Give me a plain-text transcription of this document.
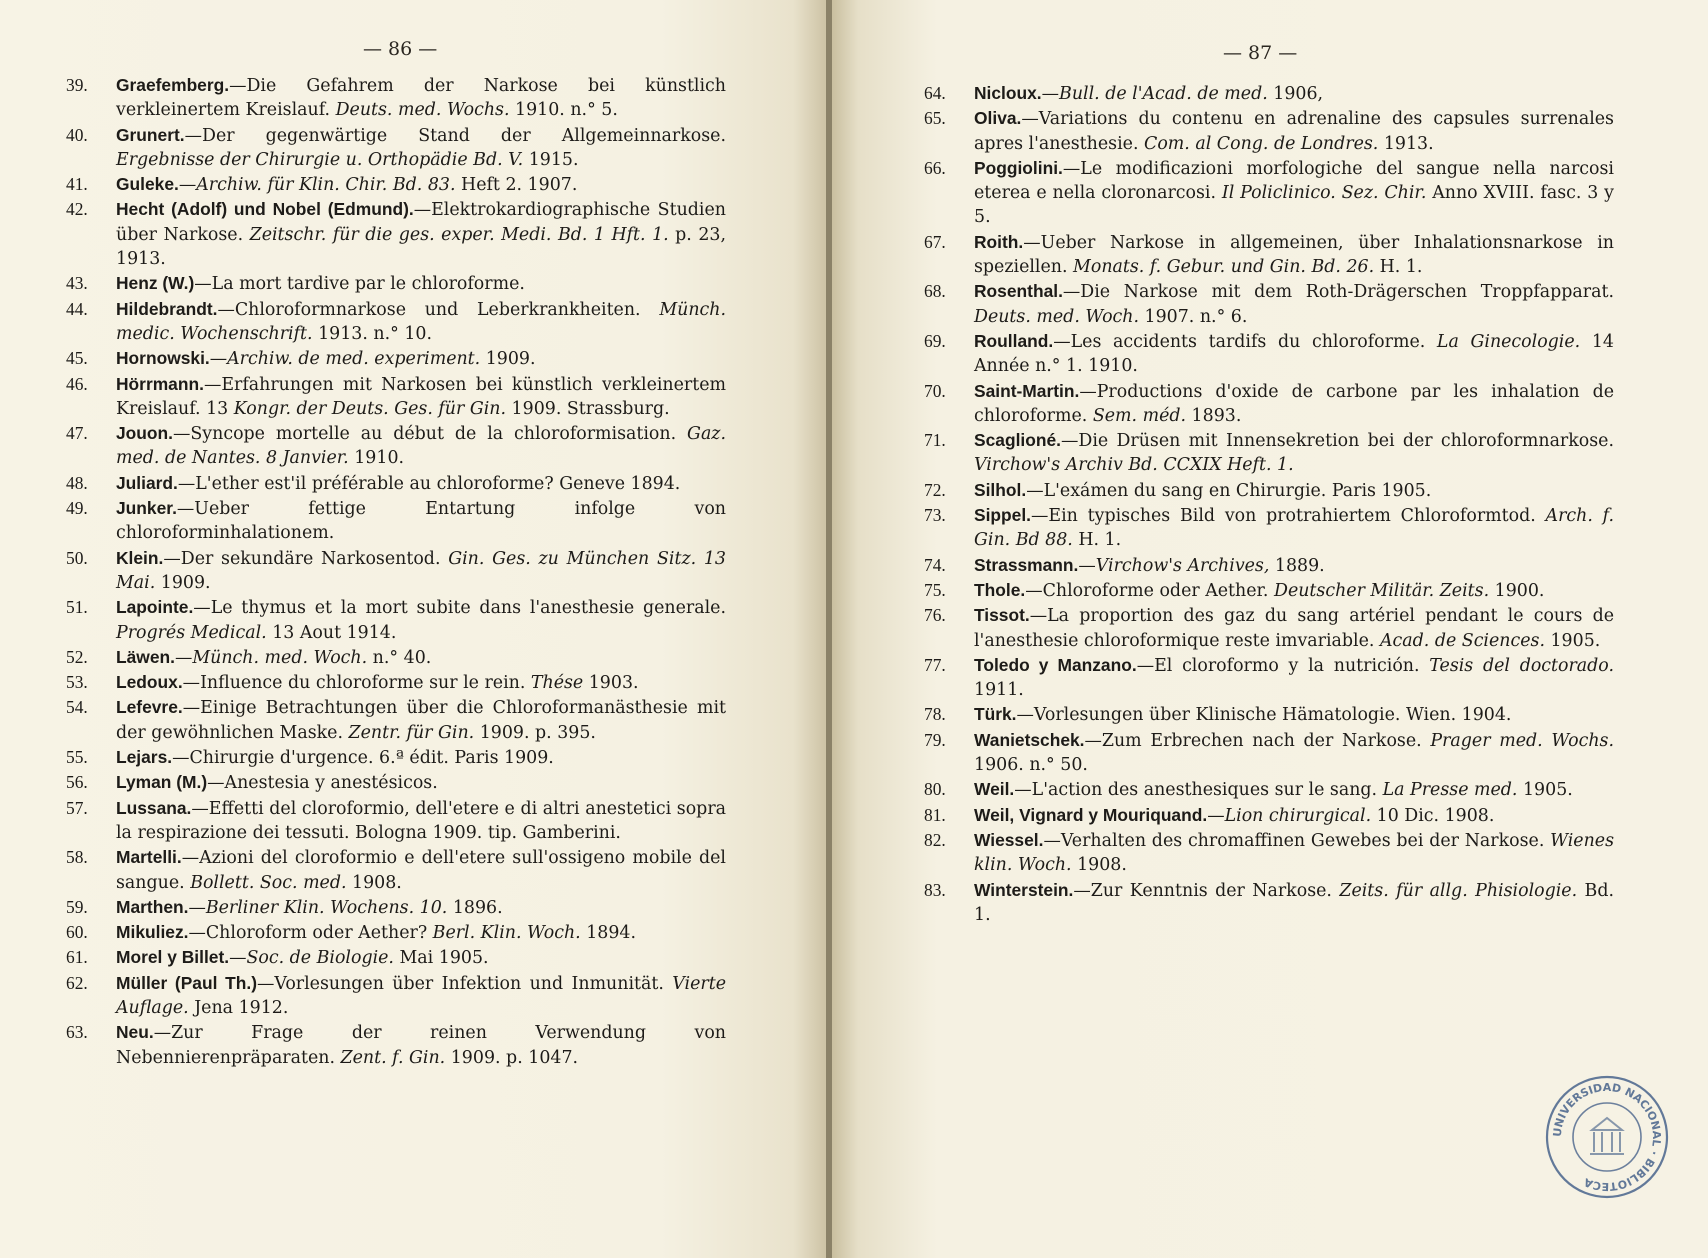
— 86 —
39. Graefemberg.—Die Gefahrem der Narkose bei künstlich verkleinertem Kreislauf. Deuts. med. Wochs. 1910. n.° 5.
40. Grunert.—Der gegenwärtige Stand der Allgemeinnarkose. Ergebnisse der Chirurgie u. Orthopädie Bd. V. 1915.
41. Guleke.—Archiw. für Klin. Chir. Bd. 83. Heft 2. 1907.
42. Hecht (Adolf) und Nobel (Edmund).—Elektrokardiographische Studien über Narkose. Zeitschr. für die ges. exper. Medi. Bd. 1 Hft. 1. p. 23, 1913.
43. Henz (W.)—La mort tardive par le chloroforme.
44. Hildebrandt.—Chloroformnarkose und Leberkrankheiten. Münch. medic. Wochenschrift. 1913. n.° 10.
45. Hornowski.—Archiw. de med. experiment. 1909.
46. Hörrmann.—Erfahrungen mit Narkosen bei künstlich verkleinertem Kreislauf. 13 Kongr. der Deuts. Ges. für Gin. 1909. Strassburg.
47. Jouon.—Syncope mortelle au début de la chloroformisation. Gaz. med. de Nantes. 8 Janvier. 1910.
48. Juliard.—L'ether est'il préférable au chloroforme? Geneve 1894.
49. Junker.—Ueber fettige Entartung infolge von chloroforminhalationem.
50. Klein.—Der sekundäre Narkosentod. Gin. Ges. zu München Sitz. 13 Mai. 1909.
51. Lapointe.—Le thymus et la mort subite dans l'anesthesie generale. Progrés Medical. 13 Aout 1914.
52. Läwen.—Münch. med. Woch. n.° 40.
53. Ledoux.—Influence du chloroforme sur le rein. Thése 1903.
54. Lefevre.—Einige Betrachtungen über die Chloroformanästhesie mit der gewöhnlichen Maske. Zentr. für Gin. 1909. p. 395.
55. Lejars.—Chirurgie d'urgence. 6.ª édit. Paris 1909.
56. Lyman (M.)—Anestesia y anestésicos.
57. Lussana.—Effetti del cloroformio, dell'etere e di altri anestetici sopra la respirazione dei tessuti. Bologna 1909. tip. Gamberini.
58. Martelli.—Azioni del cloroformio e dell'etere sull'ossigeno mobile del sangue. Bollett. Soc. med. 1908.
59. Marthen.—Berliner Klin. Wochens. 10. 1896.
60. Mikuliez.—Chloroform oder Aether? Berl. Klin. Woch. 1894.
61. Morel y Billet.—Soc. de Biologie. Mai 1905.
62. Müller (Paul Th.)—Vorlesungen über Infektion und Inmunität. Vierte Auflage. Jena 1912.
63. Neu.—Zur Frage der reinen Verwendung von Nebennierenpräparaten. Zent. f. Gin. 1909. p. 1047.
— 87 —
64. Nicloux.—Bull. de l'Acad. de med. 1906,
65. Oliva.—Variations du contenu en adrenaline des capsules surrenales apres l'anesthesie. Com. al Cong. de Londres. 1913.
66. Poggiolini.—Le modificazioni morfologiche del sangue nella narcosi eterea e nella cloronarcosi. Il Policlinico. Sez. Chir. Anno XVIII. fasc. 3 y 5.
67. Roith.—Ueber Narkose in allgemeinen, über Inhalationsnarkose in speziellen. Monats. f. Gebur. und Gin. Bd. 26. H. 1.
68. Rosenthal.—Die Narkose mit dem Roth-Drägerschen Troppfapparat. Deuts. med. Woch. 1907. n.° 6.
69. Roulland.—Les accidents tardifs du chloroforme. La Ginecologie. 14 Année n.° 1. 1910.
70. Saint-Martin.—Productions d'oxide de carbone par les inhalation de chloroforme. Sem. méd. 1893.
71. Scaglioné.—Die Drüsen mit Innensekretion bei der chloroformnarkose. Virchow's Archiv Bd. CCXIX Heft. 1.
72. Silhol.—L'exámen du sang en Chirurgie. Paris 1905.
73. Sippel.—Ein typisches Bild von protrahiertem Chloroformtod. Arch. f. Gin. Bd 88. H. 1.
74. Strassmann.—Virchow's Archives, 1889.
75. Thole.—Chloroforme oder Aether. Deutscher Militär. Zeits. 1900.
76. Tissot.—La proportion des gaz du sang artériel pendant le cours de l'anesthesie chloroformique reste imvariable. Acad. de Sciences. 1905.
77. Toledo y Manzano.—El cloroformo y la nutrición. Tesis del doctorado. 1911.
78. Türk.—Vorlesungen über Klinische Hämatologie. Wien. 1904.
79. Wanietschek.—Zum Erbrechen nach der Narkose. Prager med. Wochs. 1906. n.° 50.
80. Weil.—L'action des anesthesiques sur le sang. La Presse med. 1905.
81. Weil, Vignard y Mouriquand.—Lion chirurgical. 10 Dic. 1908.
82. Wiessel.—Verhalten des chromaffinen Gewebes bei der Narkose. Wienes klin. Woch. 1908.
83. Winterstein.—Zur Kenntnis der Narkose. Zeits. für allg. Phisiologie. Bd. 1.
UNIVERSIDAD NACIONAL · BIBLIOTECA
